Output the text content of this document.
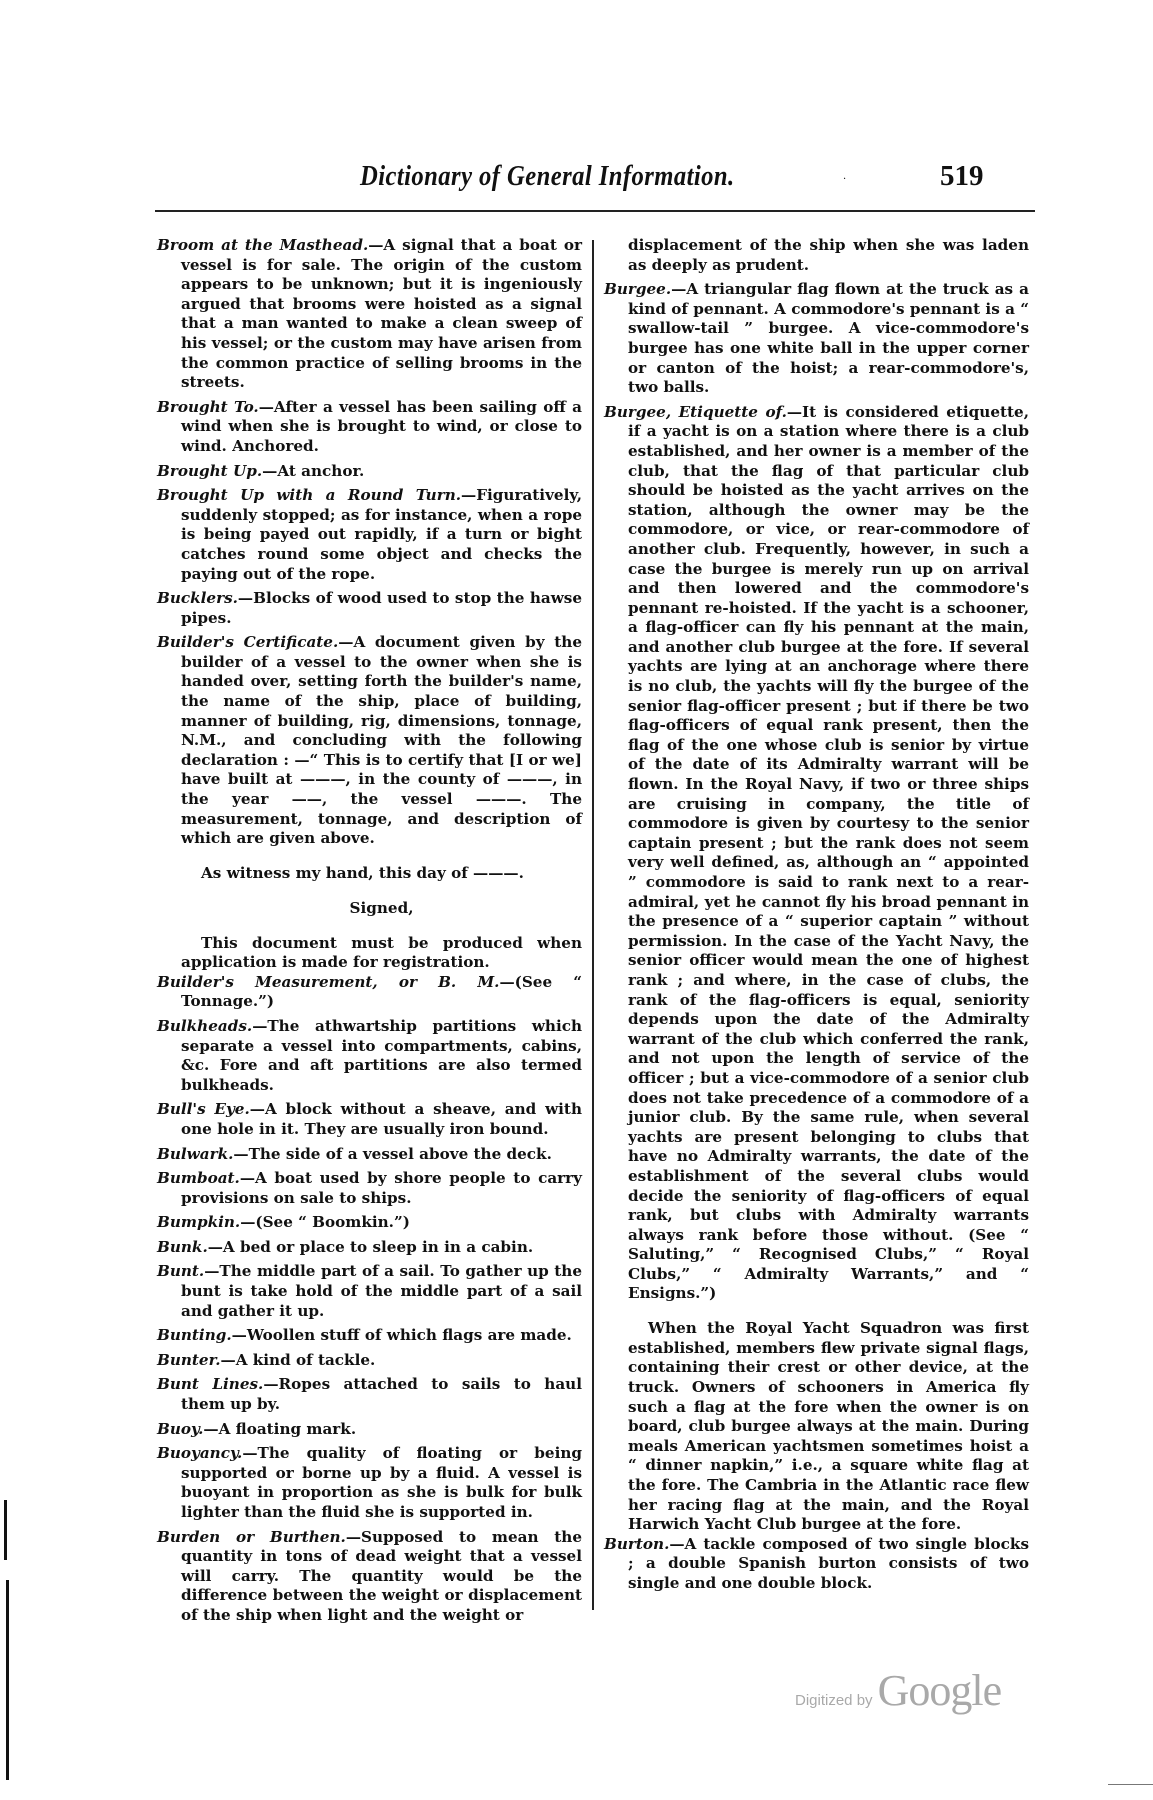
Dictionary of General Information.	·	519

Broom at the Masthead.—A signal that a boat or vessel is for sale. The origin of the custom appears to be unknown; but it is ingeniously argued that brooms were hoisted as a signal that a man wanted to make a clean sweep of his vessel; or the custom may have arisen from the common practice of selling brooms in the streets.

Brought To.—After a vessel has been sailing off a wind when she is brought to wind, or close to wind. Anchored.

Brought Up.—At anchor.

Brought Up with a Round Turn.—Figuratively, suddenly stopped; as for instance, when a rope is being payed out rapidly, if a turn or bight catches round some object and checks the paying out of the rope.

Bucklers.—Blocks of wood used to stop the hawse pipes.

Builder's Certificate.—A document given by the builder of a vessel to the owner when she is handed over, setting forth the builder's name, the name of the ship, place of building, manner of building, rig, dimensions, tonnage, N.M., and concluding with the following declaration : —“ This is to certify that [I or we] have built at ———, in the county of ———, in the year ——, the vessel ———. The measurement, tonnage, and description of which are given above.

As witness my hand, this day of ———.

Signed,

This document must be produced when application is made for registration.

Builder's Measurement, or B. M.—(See “ Tonnage.”)

Bulkheads.—The athwartship partitions which separate a vessel into compartments, cabins, &c. Fore and aft partitions are also termed bulkheads.

Bull's Eye.—A block without a sheave, and with one hole in it. They are usually iron bound.

Bulwark.—The side of a vessel above the deck.

Bumboat.—A boat used by shore people to carry provisions on sale to ships.

Bumpkin.—(See “ Boomkin.”)

Bunk.—A bed or place to sleep in in a cabin.

Bunt.—The middle part of a sail. To gather up the bunt is take hold of the middle part of a sail and gather it up.

Bunting.—Woollen stuff of which flags are made.

Bunter.—A kind of tackle.

Bunt Lines.—Ropes attached to sails to haul them up by.

Buoy.—A floating mark.

Buoyancy.—The quality of floating or being supported or borne up by a fluid. A vessel is buoyant in proportion as she is bulk for bulk lighter than the fluid she is supported in.

Burden or Burthen.—Supposed to mean the quantity in tons of dead weight that a vessel will carry. The quantity would be the difference between the weight or displacement of the ship when light and the weight or

displacement of the ship when she was laden as deeply as prudent.

Burgee.—A triangular flag flown at the truck as a kind of pennant. A commodore's pennant is a “ swallow-tail ” burgee. A vice-commodore's burgee has one white ball in the upper corner or canton of the hoist; a rear-commodore's, two balls.

Burgee, Etiquette of.—It is considered etiquette, if a yacht is on a station where there is a club established, and her owner is a member of the club, that the flag of that particular club should be hoisted as the yacht arrives on the station, although the owner may be the commodore, or vice, or rear-commodore of another club. Frequently, however, in such a case the burgee is merely run up on arrival and then lowered and the commodore's pennant re-hoisted. If the yacht is a schooner, a flag-officer can fly his pennant at the main, and another club burgee at the fore. If several yachts are lying at an anchorage where there is no club, the yachts will fly the burgee of the senior flag-officer present ; but if there be two flag-officers of equal rank present, then the flag of the one whose club is senior by virtue of the date of its Admiralty warrant will be flown. In the Royal Navy, if two or three ships are cruising in company, the title of commodore is given by courtesy to the senior captain present ; but the rank does not seem very well defined, as, although an “ appointed ” commodore is said to rank next to a rear-admiral, yet he cannot fly his broad pennant in the presence of a “ superior captain ” without permission. In the case of the Yacht Navy, the senior officer would mean the one of highest rank ; and where, in the case of clubs, the rank of the flag-officers is equal, seniority depends upon the date of the Admiralty warrant of the club which conferred the rank, and not upon the length of service of the officer ; but a vice-commodore of a senior club does not take precedence of a commodore of a junior club. By the same rule, when several yachts are present belonging to clubs that have no Admiralty warrants, the date of the establishment of the several clubs would decide the seniority of flag-officers of equal rank, but clubs with Admiralty warrants always rank before those without. (See “ Saluting,” “ Recognised Clubs,” “ Royal Clubs,” “ Admiralty Warrants,” and “ Ensigns.”)

When the Royal Yacht Squadron was first established, members flew private signal flags, containing their crest or other device, at the truck. Owners of schooners in America fly such a flag at the fore when the owner is on board, club burgee always at the main. During meals American yachtsmen sometimes hoist a “ dinner napkin,” i.e., a square white flag at the fore. The Cambria in the Atlantic race flew her racing flag at the main, and the Royal Harwich Yacht Club burgee at the fore.

Burton.—A tackle composed of two single blocks ; a double Spanish burton consists of two single and one double block.

Digitized by Google
